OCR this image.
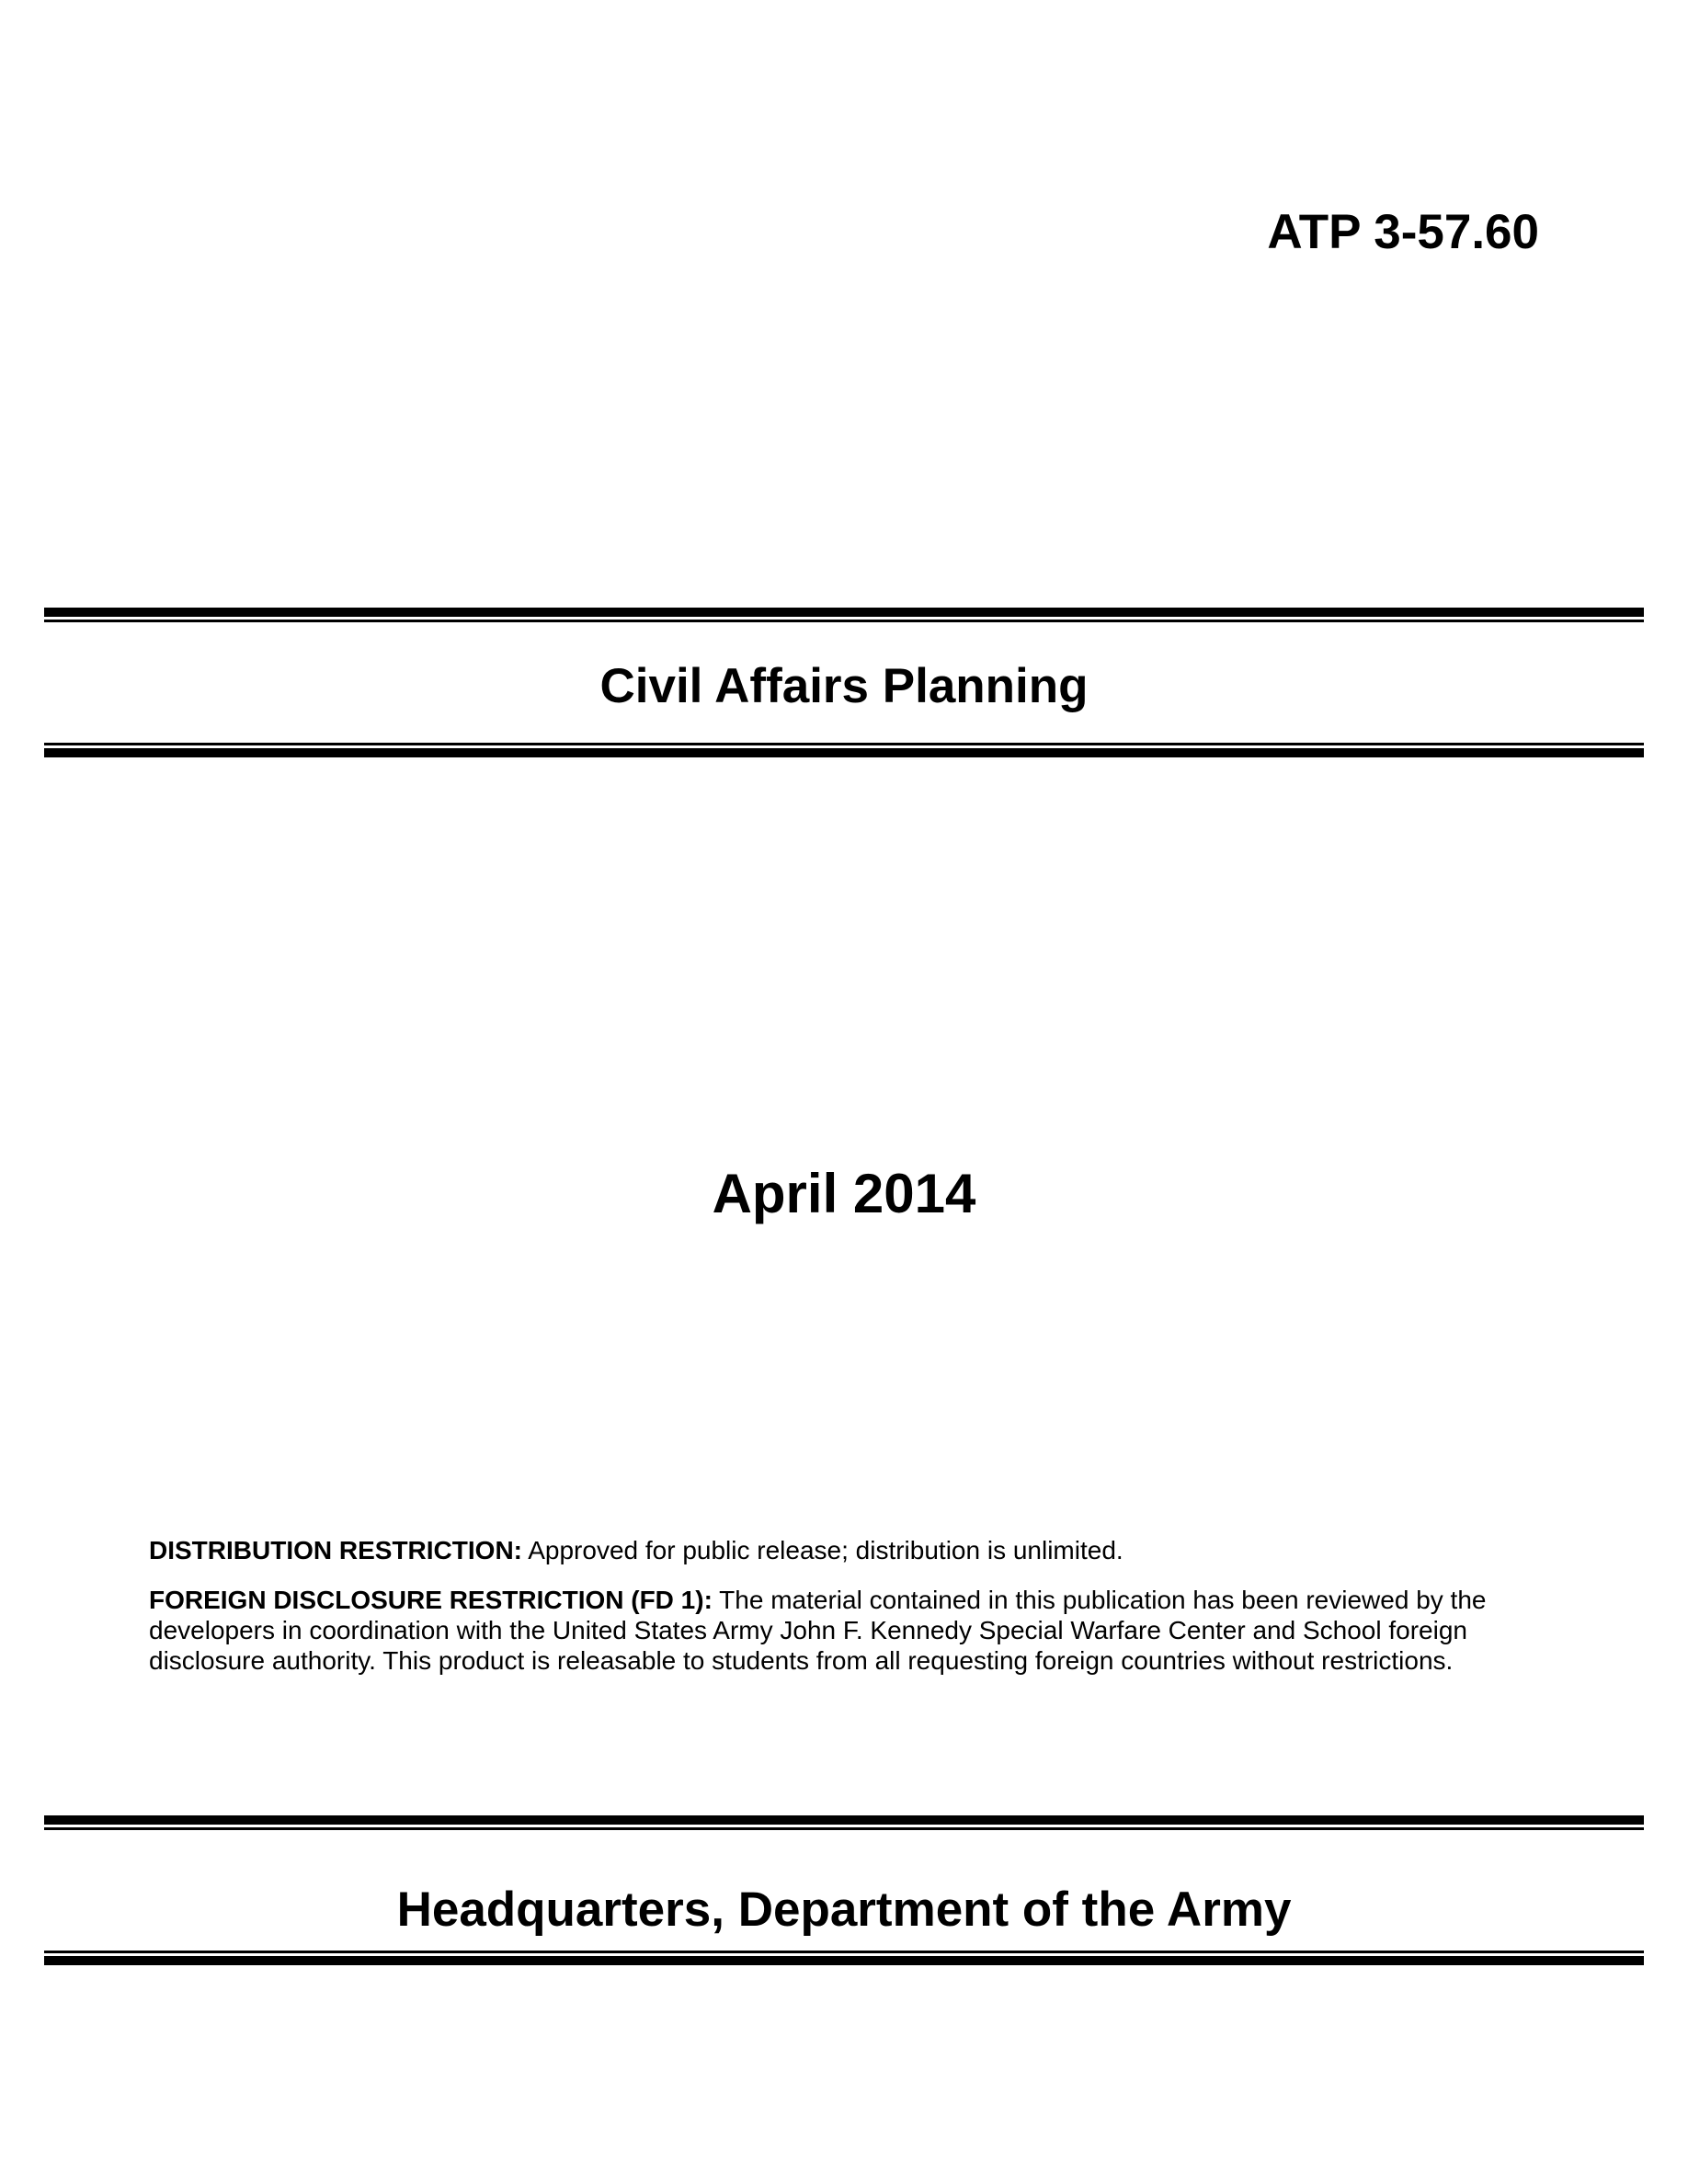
ATP 3-57.60
Civil Affairs Planning
April 2014

DISTRIBUTION RESTRICTION: Approved for public release; distribution is unlimited.

FOREIGN DISCLOSURE RESTRICTION (FD 1): The material contained in this publication has been reviewed by the developers in coordination with the United States Army John F. Kennedy Special Warfare Center and School foreign disclosure authority. This product is releasable to students from all requesting foreign countries without restrictions.

Headquarters, Department of the Army
